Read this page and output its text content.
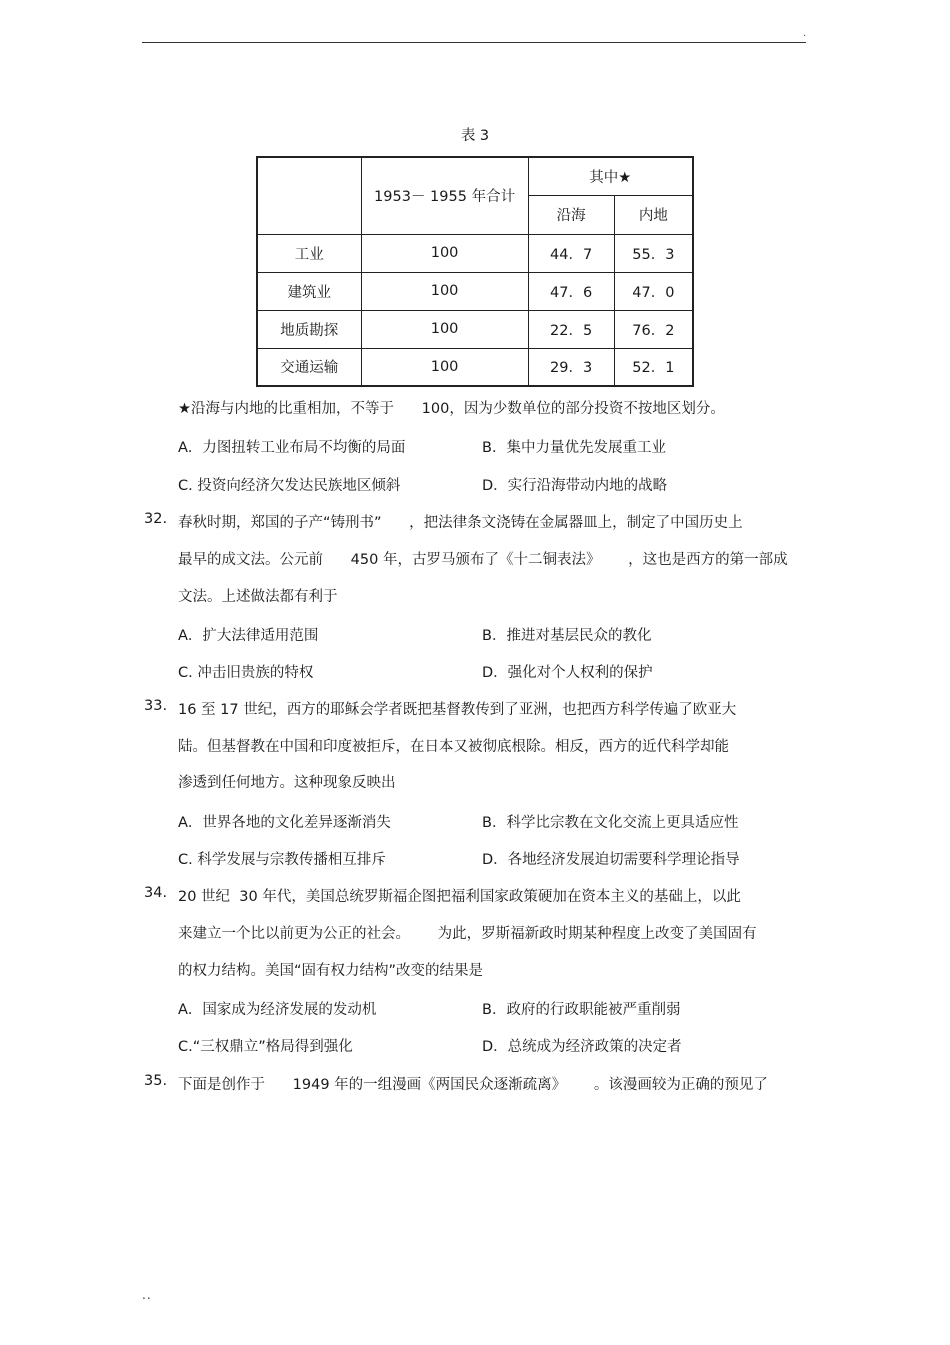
.
表 3
	1953－ 1955 年合计	其中★	
		沿海	内地
工业	100	44．7	55．3
建筑业	100	47．6	47．0
地质勘探	100	22．5	76．2
交通运输	100	29．3	52．1
★沿海与内地的比重相加，不等于      100，因为少数单位的部分投资不按地区划分。
A．力图扭转工业布局不均衡的局面	B．集中力量优先发展重工业
C. 投资向经济欠发达民族地区倾斜	D．实行沿海带动内地的战略
32. 春秋时期，郑国的子产“铸刑书”      ，把法律条文浇铸在金属器皿上，制定了中国历史上
最早的成文法。公元前      450 年，古罗马颁布了《十二铜表法》      ，这也是西方的第一部成
文法。上述做法都有利于
A．扩大法律适用范围	B．推进对基层民众的教化
C. 冲击旧贵族的特权	D．强化对个人权利的保护
33. 16 至 17 世纪，西方的耶稣会学者既把基督教传到了亚洲，也把西方科学传遍了欧亚大
陆。但基督教在中国和印度被拒斥，在日本又被彻底根除。相反，西方的近代科学却能
渗透到任何地方。这种现象反映出
A．世界各地的文化差异逐渐消失	B．科学比宗教在文化交流上更具适应性
C. 科学发展与宗教传播相互排斥	D．各地经济发展迫切需要科学理论指导
34. 20 世纪  30 年代，美国总统罗斯福企图把福利国家政策硬加在资本主义的基础上，以此
来建立一个比以前更为公正的社会。      为此，罗斯福新政时期某种程度上改变了美国固有
的权力结构。美国“固有权力结构”改变的结果是
A．国家成为经济发展的发动机	B．政府的行政职能被严重削弱
C.“三权鼎立”格局得到强化	D．总统成为经济政策的决定者
35. 下面是创作于      1949 年的一组漫画《两国民众逐渐疏离》      。该漫画较为正确的预见了
..
